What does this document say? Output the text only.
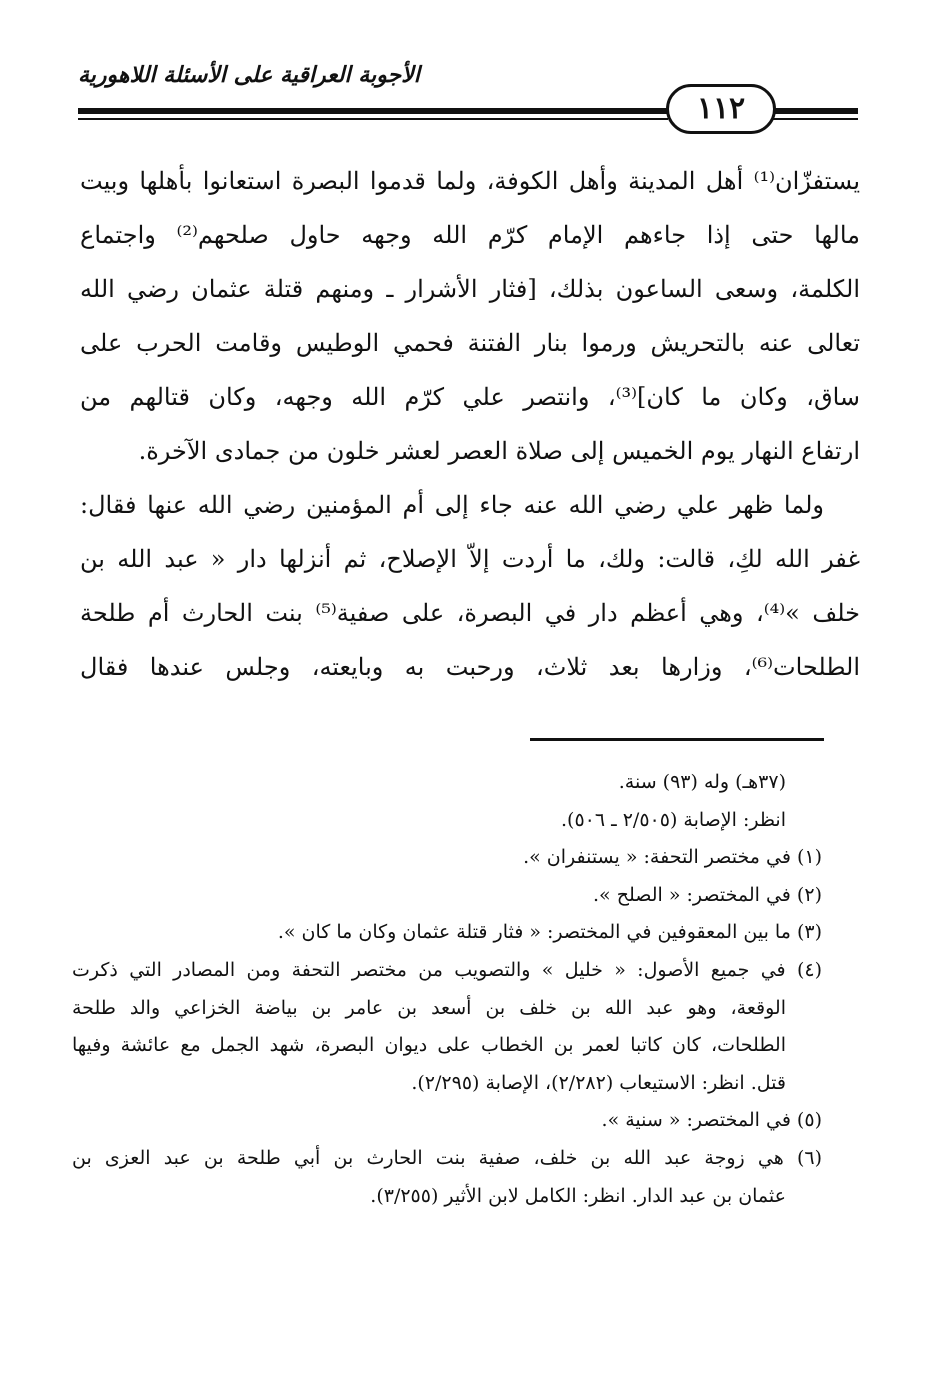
الأجوبة العراقية على الأسئلة اللاهورية
١١٢
يستفزّان⁽¹⁾ أهل المدينة وأهل الكوفة، ولما قدموا البصرة استعانوا بأهلها وبيت
مالها حتى إذا جاءهم الإمام كرّم الله وجهه حاول صلحهم⁽²⁾ واجتماع
الكلمة، وسعى الساعون بذلك، [فثار الأشرار ـ ومنهم قتلة عثمان رضي الله
تعالى عنه بالتحريش ورموا بنار الفتنة فحمي الوطيس وقامت الحرب على
ساق، وكان ما كان]⁽³⁾، وانتصر علي كرّم الله وجهه، وكان قتالهم من
ارتفاع النهار يوم الخميس إلى صلاة العصر لعشر خلون من جمادى الآخرة.
ولما ظهر علي رضي الله عنه جاء إلى أم المؤمنين رضي الله عنها فقال:
غفر الله لكِ، قالت: ولك، ما أردت إلاّ الإصلاح، ثم أنزلها دار « عبد الله بن
خلف »⁽⁴⁾، وهي أعظم دار في البصرة، على صفية⁽⁵⁾ بنت الحارث أم طلحة
الطلحات⁽⁶⁾، وزارها بعد ثلاث، ورحبت به وبايعته، وجلس عندها فقال
(٣٧هـ) وله (٩٣) سنة.
انظر: الإصابة (٢/٥٠٥ ـ ٥٠٦).
(١) في مختصر التحفة: « يستنفران ».
(٢) في المختصر: « الصلح ».
(٣) ما بين المعقوفين في المختصر: « فثار قتلة عثمان وكان ما كان ».
(٤) في جميع الأصول: « خليل » والتصويب من مختصر التحفة ومن المصادر التي ذكرت
الوقعة، وهو عبد الله بن خلف بن أسعد بن عامر بن بياضة الخزاعي والد طلحة
الطلحات، كان كاتبا لعمر بن الخطاب على ديوان البصرة، شهد الجمل مع عائشة وفيها
قتل. انظر: الاستيعاب (٢/٢٨٢)، الإصابة (٢/٢٩٥).
(٥) في المختصر: « سنية ».
(٦) هي زوجة عبد الله بن خلف، صفية بنت الحارث بن أبي طلحة بن عبد العزى بن
عثمان بن عبد الدار. انظر: الكامل لابن الأثير (٣/٢٥٥).
